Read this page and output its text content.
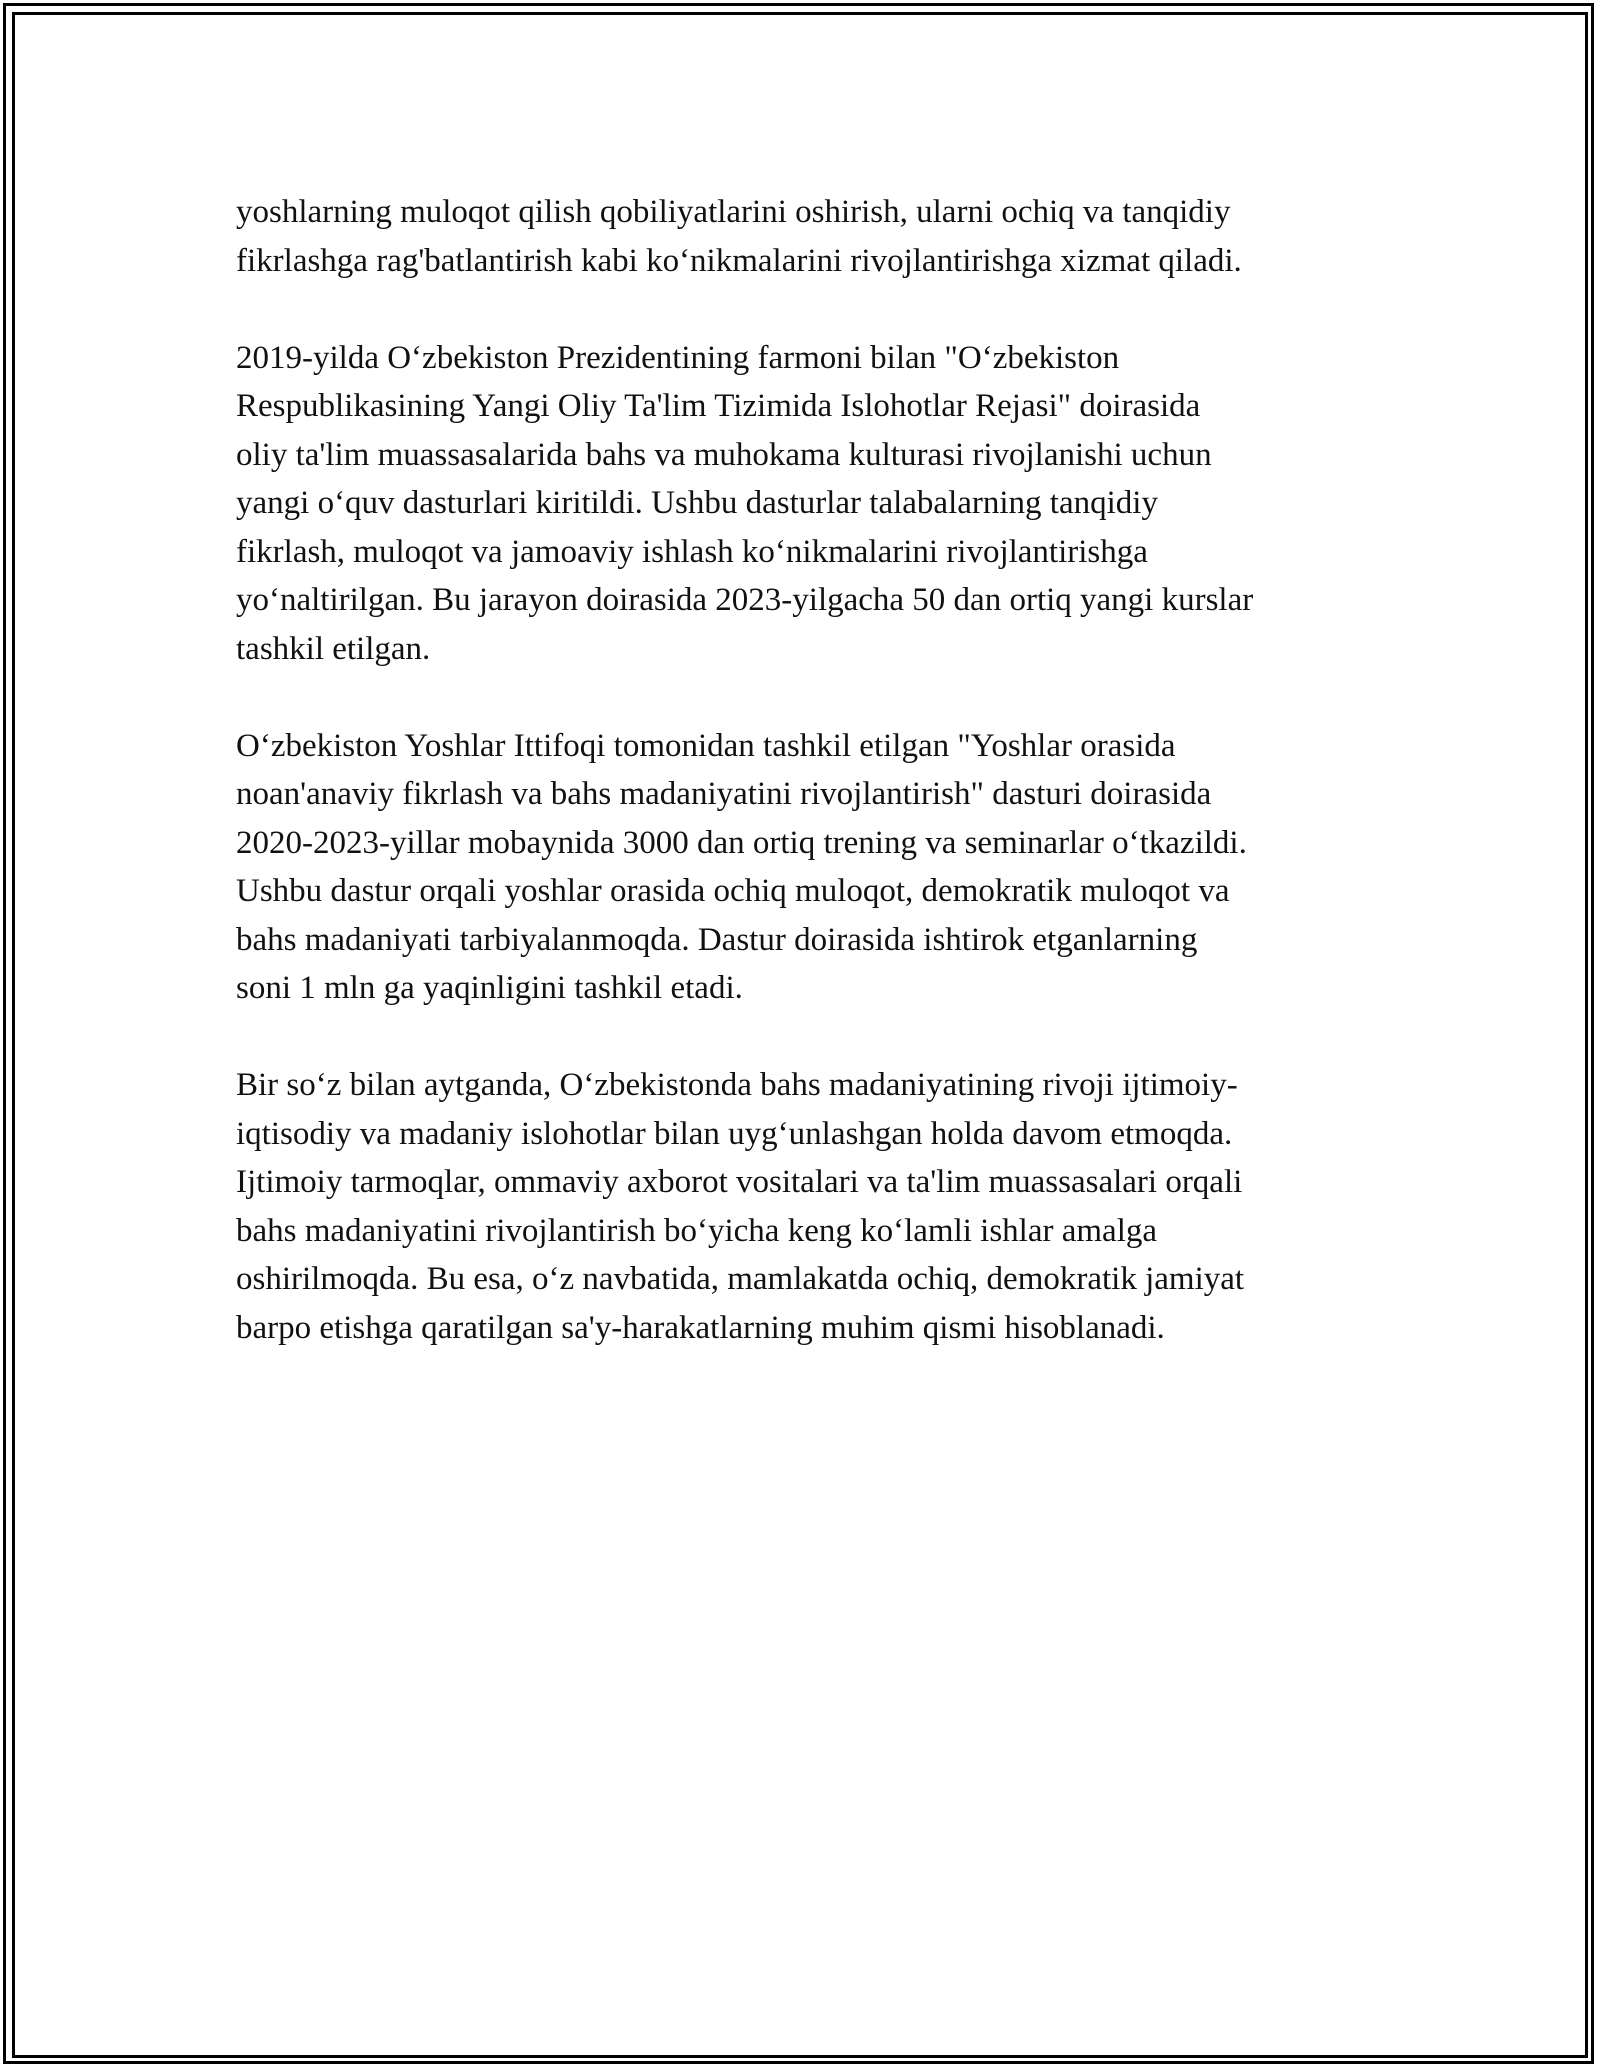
yoshlarning muloqot qilish qobiliyatlarini oshirish, ularni ochiq va tanqidiy
fikrlashga rag'batlantirish kabi ko‘nikmalarini rivojlantirishga xizmat qiladi.

2019-yilda O‘zbekiston Prezidentining farmoni bilan "O‘zbekiston
Respublikasining Yangi Oliy Ta'lim Tizimida Islohotlar Rejasi" doirasida
oliy ta'lim muassasalarida bahs va muhokama kulturasi rivojlanishi uchun
yangi o‘quv dasturlari kiritildi. Ushbu dasturlar talabalarning tanqidiy
fikrlash, muloqot va jamoaviy ishlash ko‘nikmalarini rivojlantirishga
yo‘naltirilgan. Bu jarayon doirasida 2023-yilgacha 50 dan ortiq yangi kurslar
tashkil etilgan.

O‘zbekiston Yoshlar Ittifoqi tomonidan tashkil etilgan "Yoshlar orasida
noan'anaviy fikrlash va bahs madaniyatini rivojlantirish" dasturi doirasida
2020-2023-yillar mobaynida 3000 dan ortiq trening va seminarlar o‘tkazildi.
Ushbu dastur orqali yoshlar orasida ochiq muloqot, demokratik muloqot va
bahs madaniyati tarbiyalanmoqda. Dastur doirasida ishtirok etganlarning
soni 1 mln ga yaqinligini tashkil etadi.

Bir so‘z bilan aytganda, O‘zbekistonda bahs madaniyatining rivoji ijtimoiy-
iqtisodiy va madaniy islohotlar bilan uyg‘unlashgan holda davom etmoqda.
Ijtimoiy tarmoqlar, ommaviy axborot vositalari va ta'lim muassasalari orqali
bahs madaniyatini rivojlantirish bo‘yicha keng ko‘lamli ishlar amalga
oshirilmoqda. Bu esa, o‘z navbatida, mamlakatda ochiq, demokratik jamiyat
barpo etishga qaratilgan sa'y-harakatlarning muhim qismi hisoblanadi.
